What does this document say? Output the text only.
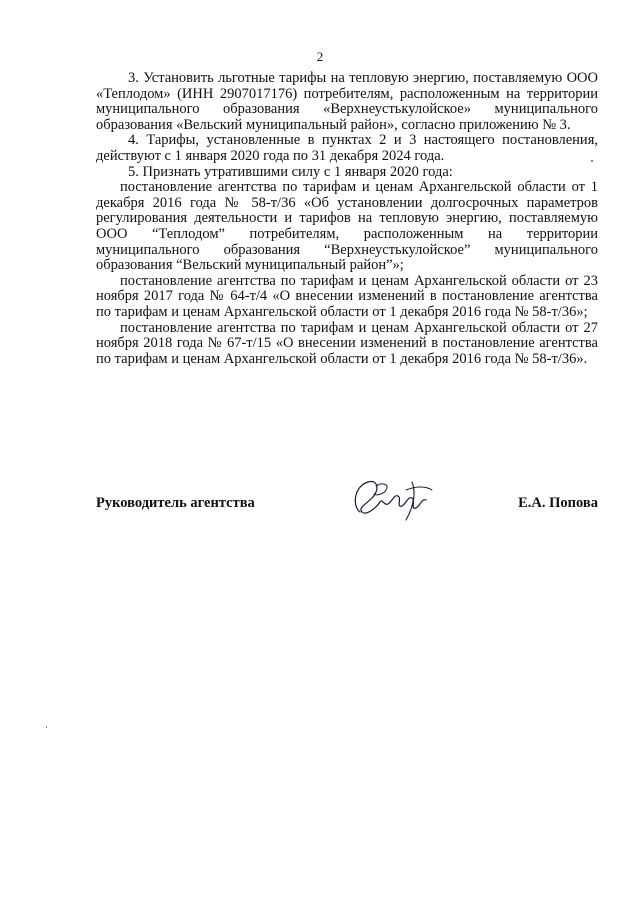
2

3. Установить льготные тарифы на тепловую энергию, поставляемую ООО «Теплодом» (ИНН 2907017176) потребителям, расположенным на территории муниципального образования «Верхнеустькулойское» муниципального образования «Вельский муниципальный район», согласно приложению № 3.

4. Тарифы, установленные в пунктах 2 и 3 настоящего постановления, действуют с 1 января 2020 года по 31 декабря 2024 года.

5. Признать утратившими силу с 1 января 2020 года:

постановление агентства по тарифам и ценам Архангельской области от 1 декабря 2016 года № 58-т/36 «Об установлении долгосрочных параметров регулирования деятельности и тарифов на тепловую энергию, поставляемую ООО “Теплодом” потребителям, расположенным на территории муниципального образования “Верхнеустькулойское” муниципального образования “Вельский муниципальный район”»;

постановление агентства по тарифам и ценам Архангельской области от 23 ноября 2017 года № 64-т/4 «О внесении изменений в постановление агентства по тарифам и ценам Архангельской области от 1 декабря 2016 года № 58-т/36»;

постановление агентства по тарифам и ценам Архангельской области от 27 ноября 2018 года № 67-т/15 «О внесении изменений в постановление агентства по тарифам и ценам Архангельской области от 1 декабря 2016 года № 58-т/36».

Руководитель агентства	Е.А. Попова
